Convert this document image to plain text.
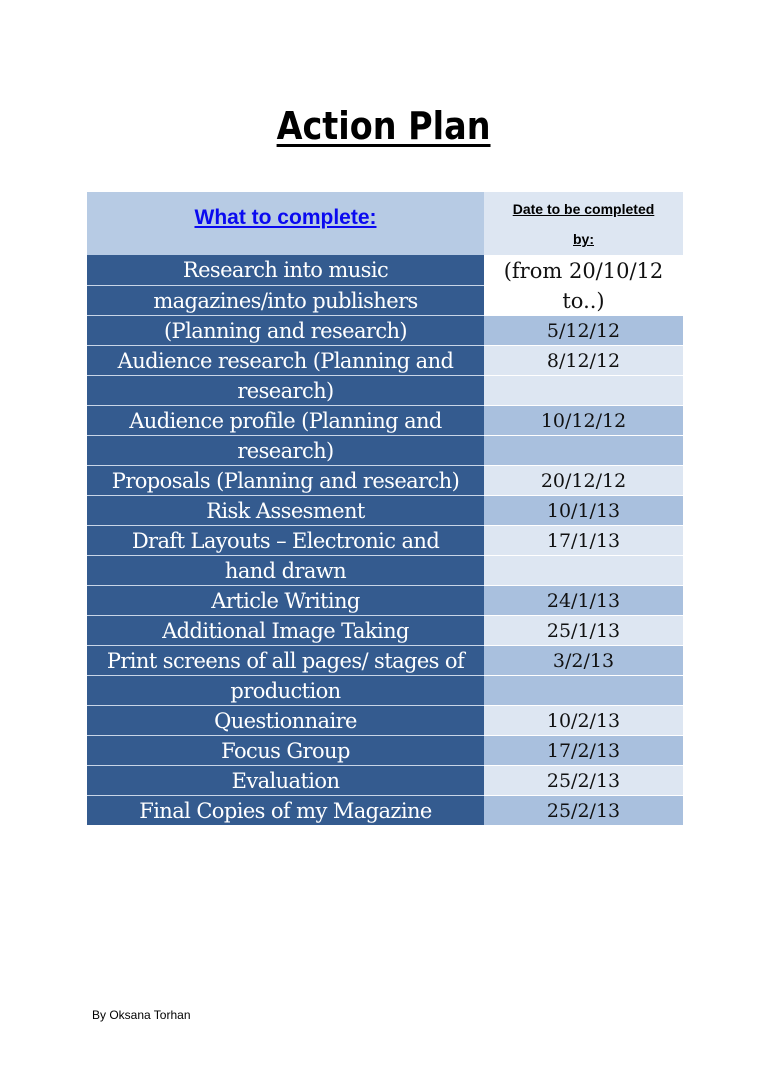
Action Plan
What to complete:	Date to be completed
by:
Research into music
magazines/into publishers
(Planning and research)
Audience research (Planning and
research)
Audience profile (Planning and
research)
Proposals (Planning and research)
Risk Assesment
Draft Layouts – Electronic and
hand drawn
Article Writing
Additional Image Taking
Print screens of all pages/ stages of
production
Questionnaire
Focus Group
Evaluation
Final Copies of my Magazine
(from 20/10/12
to..)
5/12/12
8/12/12
10/12/12
20/12/12
10/1/13
17/1/13
24/1/13
25/1/13
3/2/13
10/2/13
17/2/13
25/2/13
25/2/13
By Oksana Torhan
